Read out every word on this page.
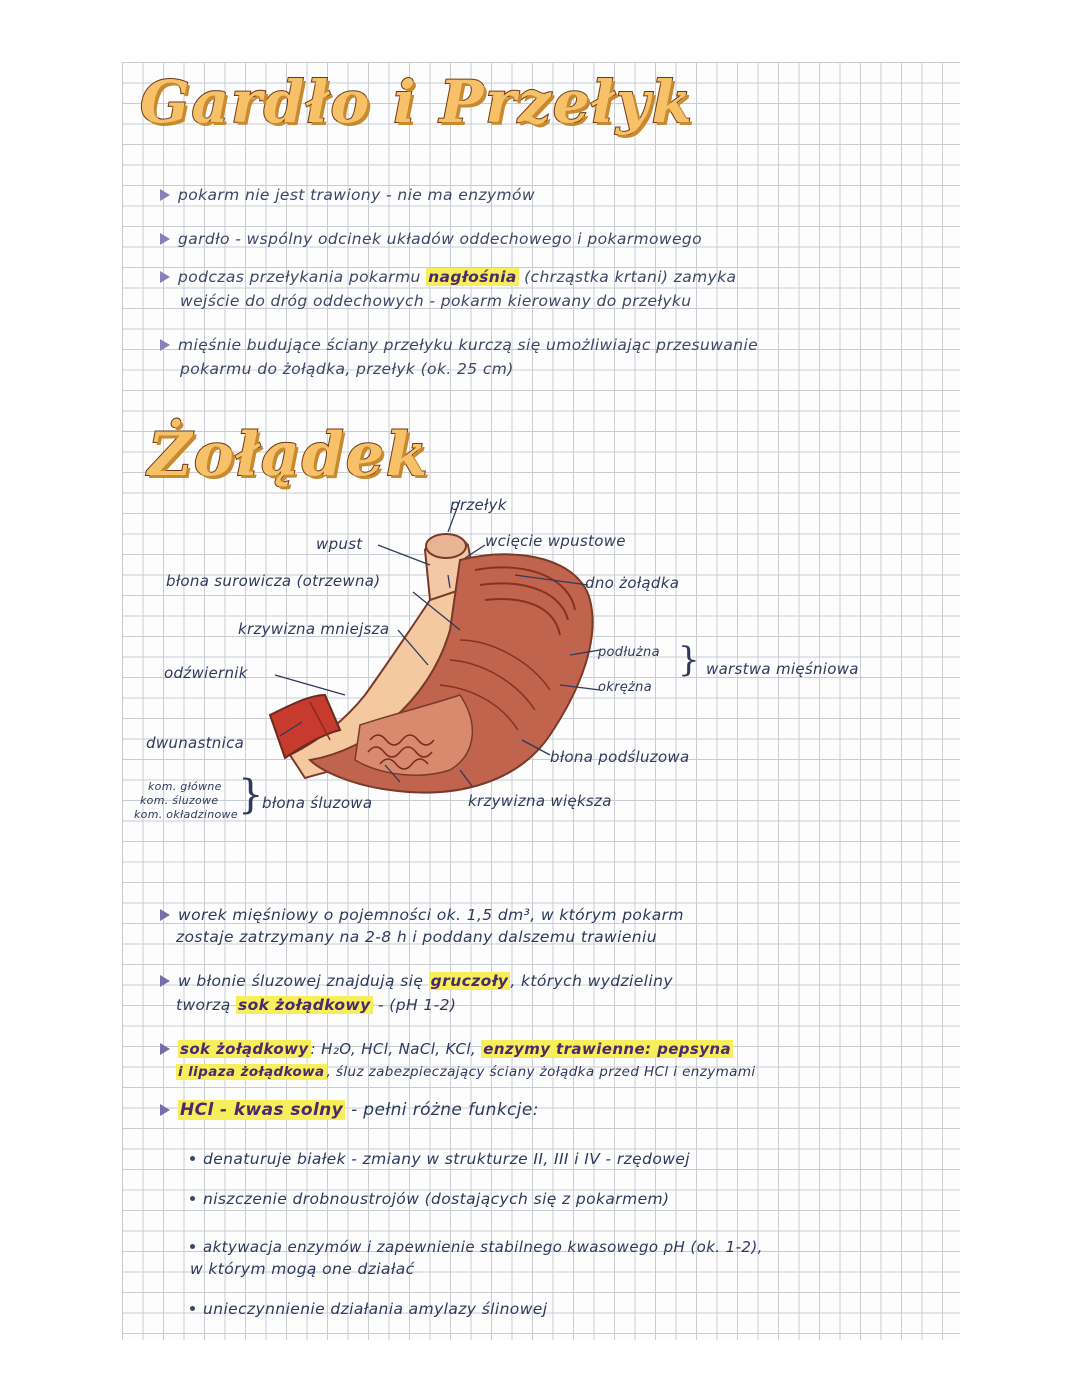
Gardło i Przełyk
pokarm nie jest trawiony - nie ma enzymów
gardło - wspólny odcinek układów oddechowego i pokarmowego
podczas przełykania pokarmu nagłośnia (chrząstka krtani) zamyka
wejście do dróg oddechowych - pokarm kierowany do przełyku
mięśnie budujące ściany przełyku kurczą się umożliwiając przesuwanie
pokarmu do żołądka, przełyk (ok. 25 cm)
Żołądek
przełyk
wpust	wcięcie wpustowe
błona surowicza (otrzewna)	dno żołądka
krzywizna mniejsza
podłużna
okrężna
} warstwa mięśniowa
odźwiernik
dwunastnica
błona podśluzowa
kom. główne
kom. śluzowe
kom. okładzinowe }
błona śluzowa	krzywizna większa
worek mięśniowy o pojemności ok. 1,5 dm³, w którym pokarm
zostaje zatrzymany na 2-8 h i poddany dalszemu trawieniu
w błonie śluzowej znajdują się gruczoły , których wydzieliny
tworzą sok żołądkowy - (pH 1-2)
sok żołądkowy : H₂O, HCl, NaCl, KCl, enzymy trawienne: pepsyna
i lipaza żołądkowa , śluz zabezpieczający ściany żołądka przed HCl i enzymami
HCl - kwas solny - pełni różne funkcje:
denaturuje białek - zmiany w strukturze II, III i IV - rzędowej
niszczenie drobnoustrojów (dostających się z pokarmem)
aktywacja enzymów i zapewnienie stabilnego kwasowego pH (ok. 1-2),
w którym mogą one działać
unieczynnienie działania amylazy ślinowej
